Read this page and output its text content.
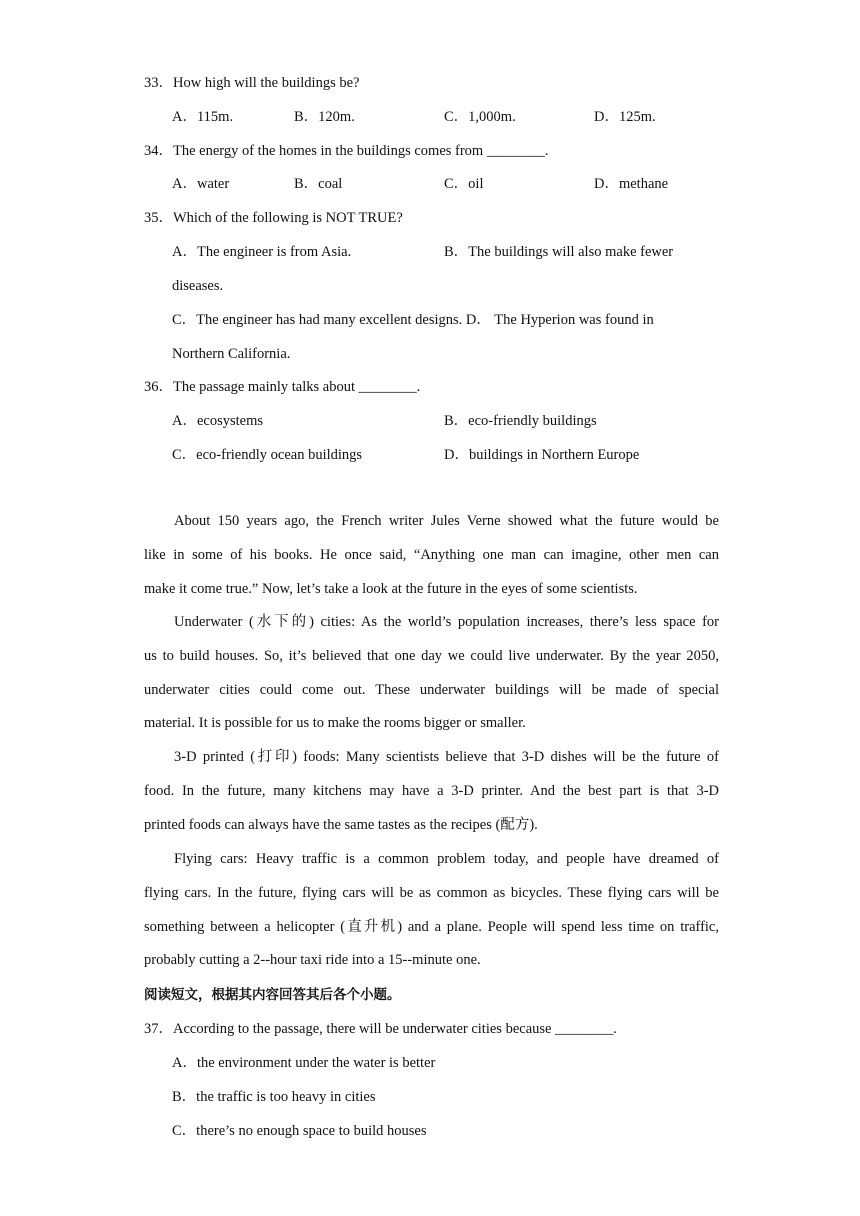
33．How high will the buildings be?
A．115m.	B．120m.	C．1,000m.	D．125m.
34．The energy of the homes in the buildings comes from ________.
A．water	B．coal	C．oil	D．methane
35．Which of the following is NOT TRUE?
A．The engineer is from Asia.	B．The buildings will also make fewer
diseases.
C．The engineer has had many excellent designs. D． The Hyperion was found in
Northern California.
36．The passage mainly talks about ________.
A．ecosystems	B．eco-friendly buildings
C．eco-friendly ocean buildings	D．buildings in Northern Europe
About 150 years ago, the French writer Jules Verne showed what the future would be
like in some of his books. He once said, “Anything one man can imagine, other men can
make it come true.” Now, let’s take a look at the future in the eyes of some scientists.
Underwater (水下的) cities: As the world’s population increases, there’s less space for
us to build houses. So, it’s believed that one day we could live underwater. By the year 2050,
underwater cities could come out. These underwater buildings will be made of special
material. It is possible for us to make the rooms bigger or smaller.
3-D printed (打印) foods: Many scientists believe that 3-D dishes will be the future of
food. In the future, many kitchens may have a 3-D printer. And the best part is that 3-D
printed foods can always have the same tastes as the recipes (配方).
Flying cars: Heavy traffic is a common problem today, and people have dreamed of
flying cars. In the future, flying cars will be as common as bicycles. These flying cars will be
something between a helicopter (直升机) and a plane. People will spend less time on traffic,
probably cutting a 2--hour taxi ride into a 15--minute one.
阅读短文，根据其内容回答其后各个小题。
37．According to the passage, there will be underwater cities because ________.
A．the environment under the water is better
B．the traffic is too heavy in cities
C．there’s no enough space to build houses
